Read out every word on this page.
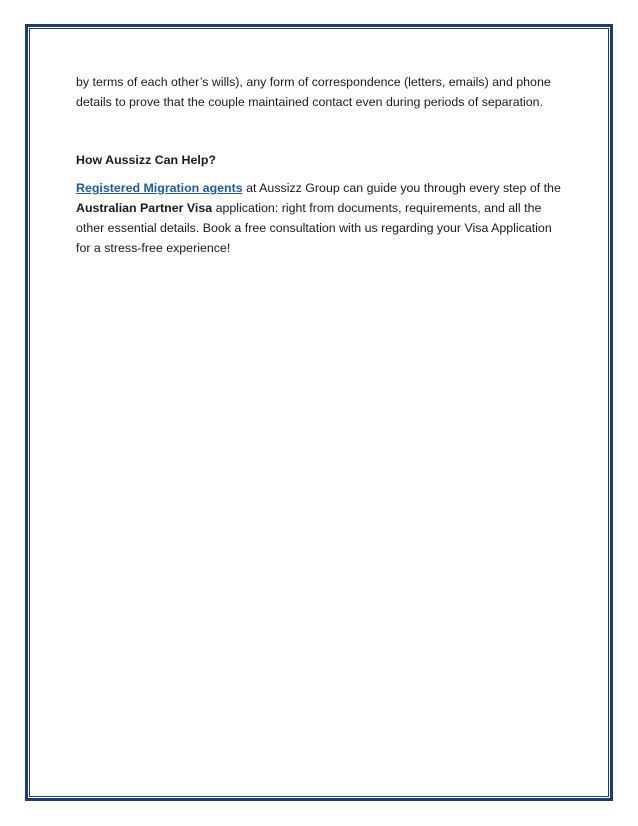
by terms of each other’s wills), any form of correspondence (letters, emails) and phone details to prove that the couple maintained contact even during periods of separation.

How Aussizz Can Help?

Registered Migration agents at Aussizz Group can guide you through every step of the Australian Partner Visa application: right from documents, requirements, and all the other essential details. Book a free consultation with us regarding your Visa Application for a stress-free experience!
